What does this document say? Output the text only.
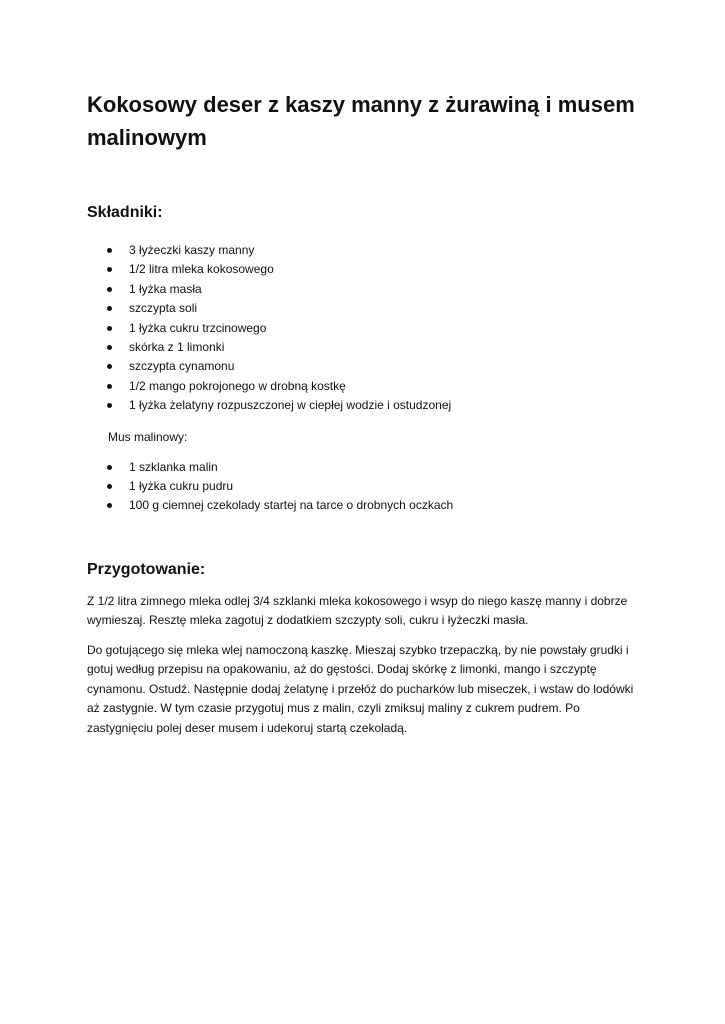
Kokosowy deser z kaszy manny z żurawiną i musem malinowym
Składniki:
3 łyżeczki kaszy manny
1/2 litra mleka kokosowego
1 łyżka masła
szczypta soli
1 łyżka cukru trzcinowego
skórka z 1 limonki
szczypta cynamonu
1/2 mango pokrojonego w drobną kostkę
1 łyżka żelatyny rozpuszczonej w ciepłej wodzie i ostudzonej

Mus malinowy:

1 szklanka malin
1 łyżka cukru pudru
100 g ciemnej czekolady startej na tarce o drobnych oczkach
Przygotowanie:

Z 1/2 litra zimnego mleka odlej 3/4 szklanki mleka kokosowego i wsyp do niego kaszę manny i dobrze wymieszaj. Resztę mleka zagotuj z dodatkiem szczypty soli, cukru i łyżeczki masła.

Do gotującego się mleka wlej namoczoną kaszkę. Mieszaj szybko trzepaczką, by nie powstały grudki i gotuj według przepisu na opakowaniu, aż do gęstości. Dodaj skórkę z limonki, mango i szczyptę cynamonu. Ostudź. Następnie dodaj żelatynę i przełóż do pucharków lub miseczek, i wstaw do lodówki aż zastygnie. W tym czasie przygotuj mus z malin, czyli zmiksuj maliny z cukrem pudrem. Po zastygnięciu polej deser musem i udekoruj startą czekoladą.
